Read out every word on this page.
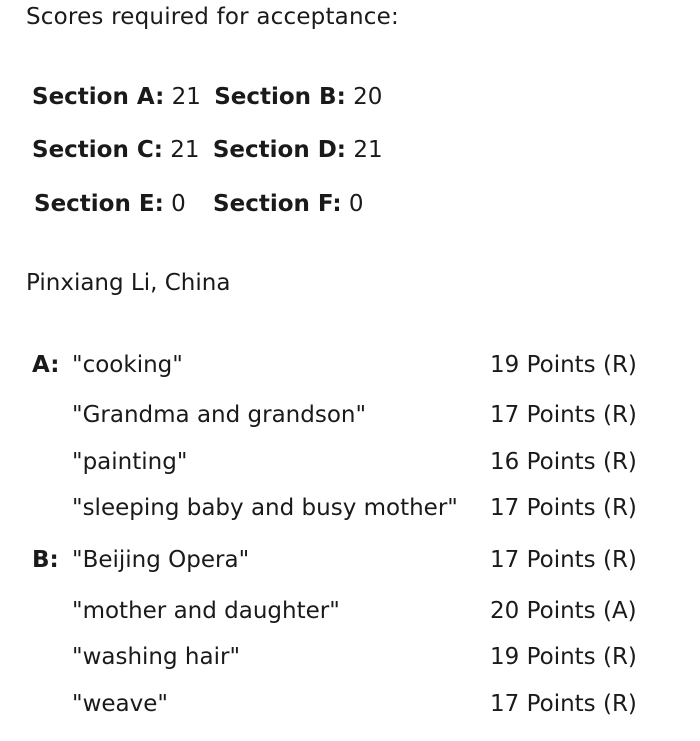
Scores required for acceptance:
Section A: 21 Section B: 20
Section C: 21 Section D: 21
Section E: 0 Section F: 0
Pinxiang Li, China
A: "cooking"	19 Points (R)
"Grandma and grandson"	17 Points (R)
"painting"	16 Points (R)
"sleeping baby and busy mother" 17 Points (R)
B: "Beijing Opera"	17 Points (R)
"mother and daughter"	20 Points (A)
"washing hair"	19 Points (R)
"weave"	17 Points (R)
